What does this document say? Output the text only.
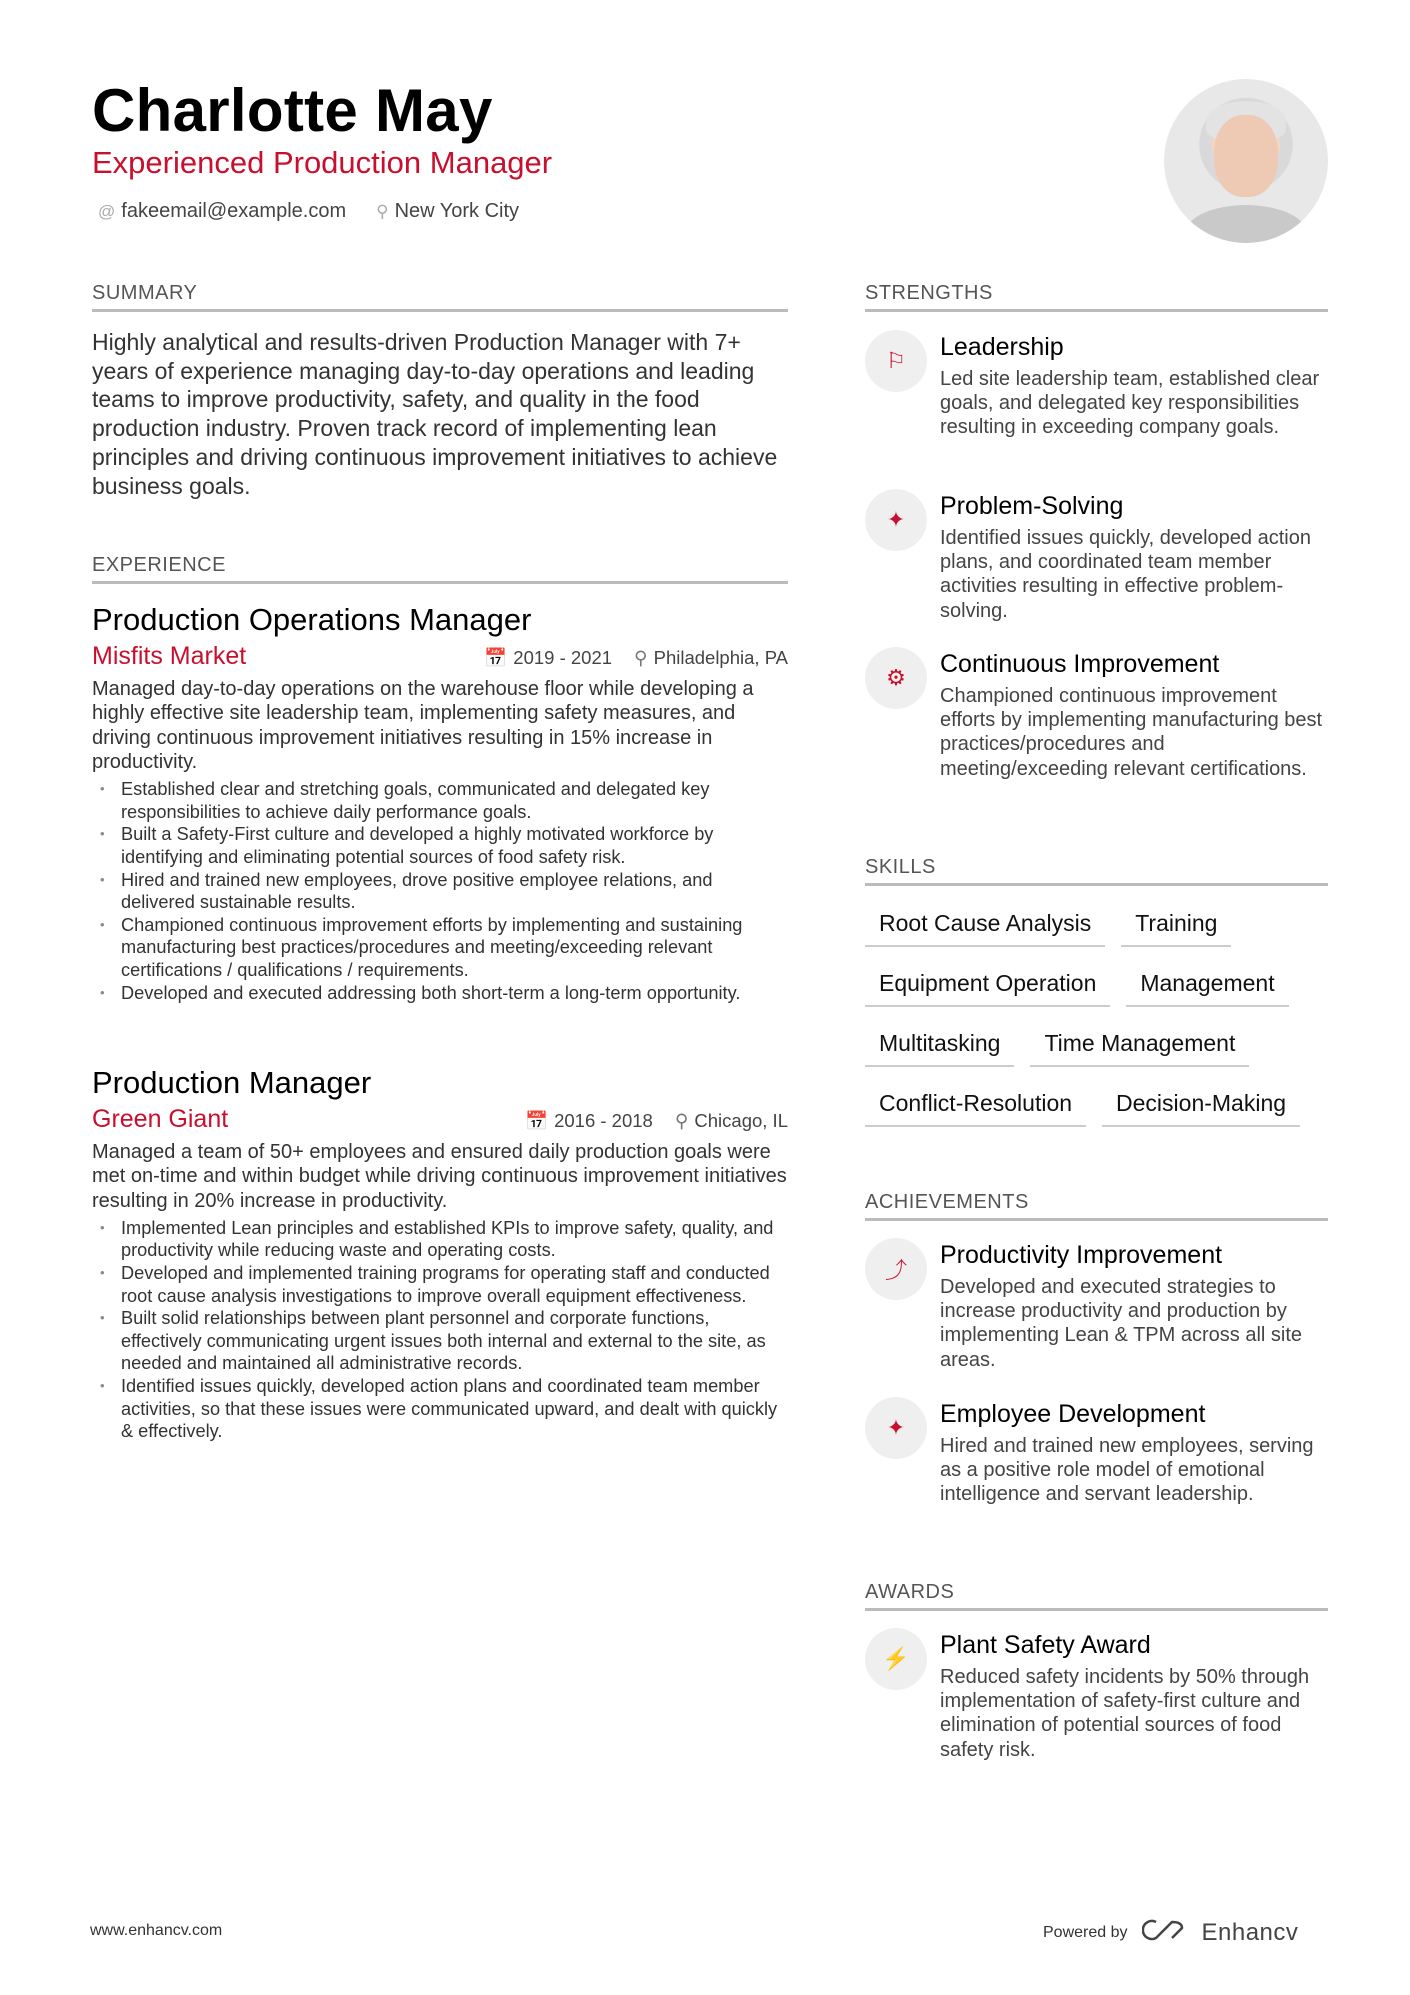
Charlotte May
Experienced Production Manager
@ fakeemail@example.com ⚲ New York City
SUMMARY

Highly analytical and results-driven Production Manager with 7+ years of experience managing day-to-day operations and leading teams to improve productivity, safety, and quality in the food production industry. Proven track record of implementing lean principles and driving continuous improvement initiatives to achieve business goals.

EXPERIENCE
Production Operations Manager
Misfits Market	📅 2019 - 2021 ⚲ Philadelphia, PA

Managed day-to-day operations on the warehouse floor while developing a highly effective site leadership team, implementing safety measures, and driving continuous improvement initiatives resulting in 15% increase in productivity.

• Established clear and stretching goals, communicated and delegated key responsibilities to achieve daily performance goals.
• Built a Safety-First culture and developed a highly motivated workforce by identifying and eliminating potential sources of food safety risk.
• Hired and trained new employees, drove positive employee relations, and delivered sustainable results.
• Championed continuous improvement efforts by implementing and sustaining manufacturing best practices/procedures and meeting/exceeding relevant certifications / qualifications / requirements.
• Developed and executed addressing both short-term a long-term opportunity.
Production Manager
Green Giant	📅 2016 - 2018 ⚲ Chicago, IL

Managed a team of 50+ employees and ensured daily production goals were met on-time and within budget while driving continuous improvement initiatives resulting in 20% increase in productivity.

• Implemented Lean principles and established KPIs to improve safety, quality, and productivity while reducing waste and operating costs.
• Developed and implemented training programs for operating staff and conducted root cause analysis investigations to improve overall equipment effectiveness.
• Built solid relationships between plant personnel and corporate functions, effectively communicating urgent issues both internal and external to the site, as needed and maintained all administrative records.
• Identified issues quickly, developed action plans and coordinated team member activities, so that these issues were communicated upward, and dealt with quickly & effectively.
STRENGTHS
⚐	Leadership
Led site leadership team, established clear goals, and delegated key responsibilities resulting in exceeding company goals.
✦	Problem-Solving
Identified issues quickly, developed action plans, and coordinated team member activities resulting in effective problem-solving.
⚙	Continuous Improvement
Championed continuous improvement efforts by implementing manufacturing best practices/procedures and meeting/exceeding relevant certifications.
SKILLS
Root Cause Analysis	Training
Equipment Operation	Management
Multitasking	Time Management
Conflict-Resolution	Decision-Making
ACHIEVEMENTS
⤴
Productivity Improvement
Developed and executed strategies to increase productivity and production by implementing Lean & TPM across all site areas.
✦	Employee Development
Hired and trained new employees, serving as a positive role model of emotional intelligence and servant leadership.
AWARDS
⚡	Plant Safety Award
Reduced safety incidents by 50% through implementation of safety-first culture and elimination of potential sources of food safety risk.
www.enhancv.com	Powered by	Enhancv
